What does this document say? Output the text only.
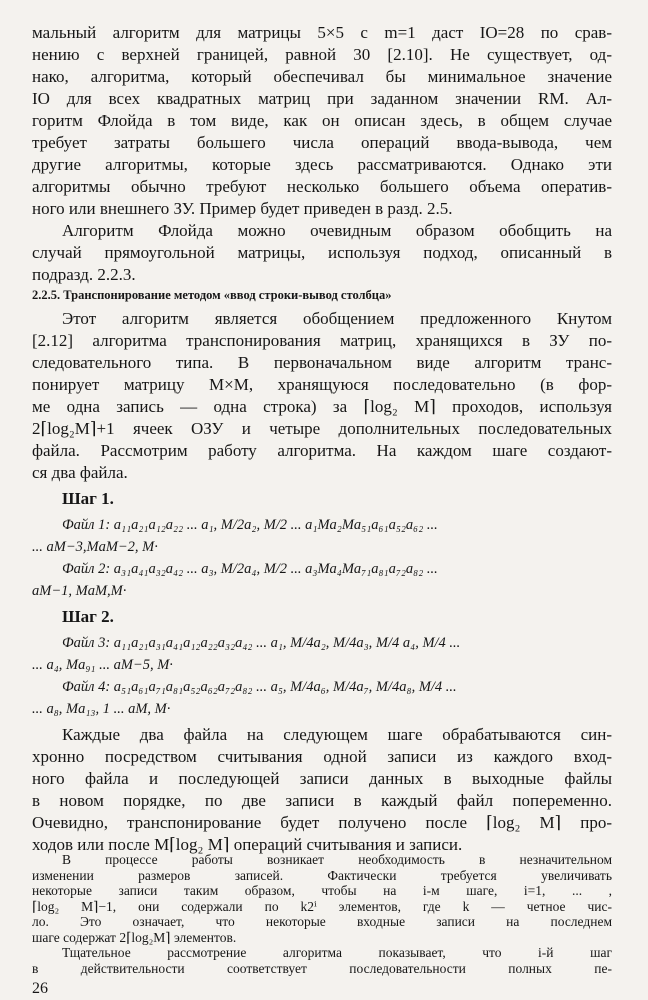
мальный алгоритм для матрицы 5×5 с m=1 даст IO=28 по срав-
нению с верхней границей, равной 30 [2.10]. Не существует, од-
нако, алгоритма, который обеспечивал бы минимальное значение
IO для всех квадратных матриц при заданном значении RM. Ал-
горитм Флойда в том виде, как он описан здесь, в общем случае
требует затраты большего числа операций ввода-вывода, чем
другие алгоритмы, которые здесь рассматриваются. Однако эти
алгоритмы обычно требуют несколько большего объема оператив-
ного или внешнего ЗУ. Пример будет приведен в разд. 2.5.
Алгоритм Флойда можно очевидным образом обобщить на
случай прямоугольной матрицы, используя подход, описанный в
подразд. 2.2.3.
2.2.5. Транспонирование методом «ввод строки-вывод столбца»
Этот алгоритм является обобщением предложенного Кнутом
[2.12] алгоритма транспонирования матриц, хранящихся в ЗУ по-
следовательного типа. В первоначальном виде алгоритм транс-
понирует матрицу M×M, хранящуюся последовательно (в фор-
ме одна запись — одна строка) за ⌈log₂ M⌉ проходов, используя
2⌈log₂M⌉+1 ячеек ОЗУ и четыре дополнительных последовательных
файла. Рассмотрим работу алгоритма. На каждом шаге создают-
ся два файла.
Шаг 1.
Файл 1: a₁₁a₂₁a₁₂a₂₂ ... a₁, M/2a₂, M/2 ... a₁Ma₂Ma₅₁a₆₁a₅₂a₆₂ ...
... aM−3,MaM−2, M·
Файл 2: a₃₁a₄₁a₃₂a₄₂ ... a₃, M/2a₄, M/2 ... a₃Ma₄Ma₇₁a₈₁a₇₂a₈₂ ...
aM−1, MaM,M·
Шаг 2.
Файл 3: a₁₁a₂₁a₃₁a₄₁a₁₂a₂₂a₃₂a₄₂ ... a₁, M/4a₂, M/4a₃, M/4 a₄, M/4 ...
... a₄, Ma₉₁ ... aM−5, M·
Файл 4: a₅₁a₆₁a₇₁a₈₁a₅₂a₆₂a₇₂a₈₂ ... a₅, M/4a₆, M/4a₇, M/4a₈, M/4 ...
... a₈, Ma₁₃, 1 ... aM, M·
Каждые два файла на следующем шаге обрабатываются син-
хронно посредством считывания одной записи из каждого вход-
ного файла и последующей записи данных в выходные файлы
в новом порядке, по две записи в каждый файл попеременно.
Очевидно, транспонирование будет получено после ⌈log₂ M⌉ про-
ходов или после M⌈log₂ M⌉ операций считывания и записи.
В процессе работы возникает необходимость в незначительном
изменении размеров записей. Фактически требуется увеличивать
некоторые записи таким образом, чтобы на i-м шаге, i=1, ... ,
⌈log₂ M⌉−1, они содержали по k2ⁱ элементов, где k — четное чис-
ло. Это означает, что некоторые входные записи на последнем
шаге содержат 2⌈log₂M⌉ элементов.
Тщательное рассмотрение алгоритма показывает, что i-й шаг
в действительности соответствует последовательности полных пе-
26
